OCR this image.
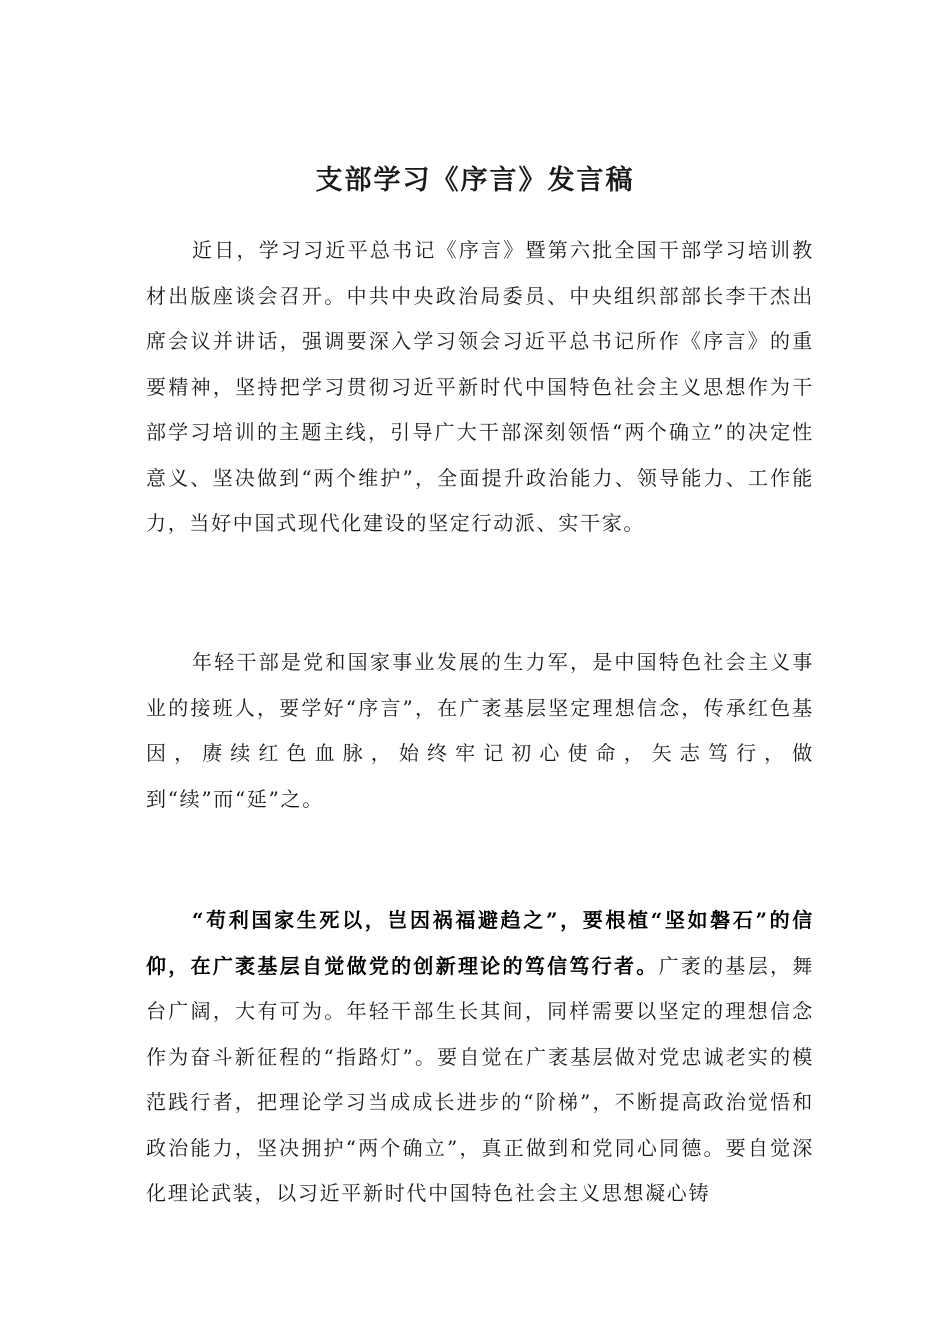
支部学习《序言》发言稿

近日，学习习近平总书记《序言》暨第六批全国干部学习培训教材出版座谈会召开。中共中央政治局委员、中央组织部部长李干杰出席会议并讲话，强调要深入学习领会习近平总书记所作《序言》的重要精神，坚持把学习贯彻习近平新时代中国特色社会主义思想作为干部学习培训的主题主线，引导广大干部深刻领悟“两个确立”的决定性意义、坚决做到“两个维护”，全面提升政治能力、领导能力、工作能力，当好中国式现代化建设的坚定行动派、实干家。

年轻干部是党和国家事业发展的生力军，是中国特色社会主义事业的接班人，要学好“序言”，在广袤基层坚定理想信念，传承红色基因，赓续红色血脉，始终牢记初心使命，矢志笃行，做到“续”而“延”之。

“苟利国家生死以，岂因祸福避趋之”，要根植“坚如磐石”的信仰，在广袤基层自觉做党的创新理论的笃信笃行者。广袤的基层，舞台广阔，大有可为。年轻干部生长其间，同样需要以坚定的理想信念作为奋斗新征程的“指路灯”。要自觉在广袤基层做对党忠诚老实的模范践行者，把理论学习当成成长进步的“阶梯”，不断提高政治觉悟和政治能力，坚决拥护“两个确立”，真正做到和党同心同德。要自觉深化理论武装，以习近平新时代中国特色社会主义思想凝心铸
